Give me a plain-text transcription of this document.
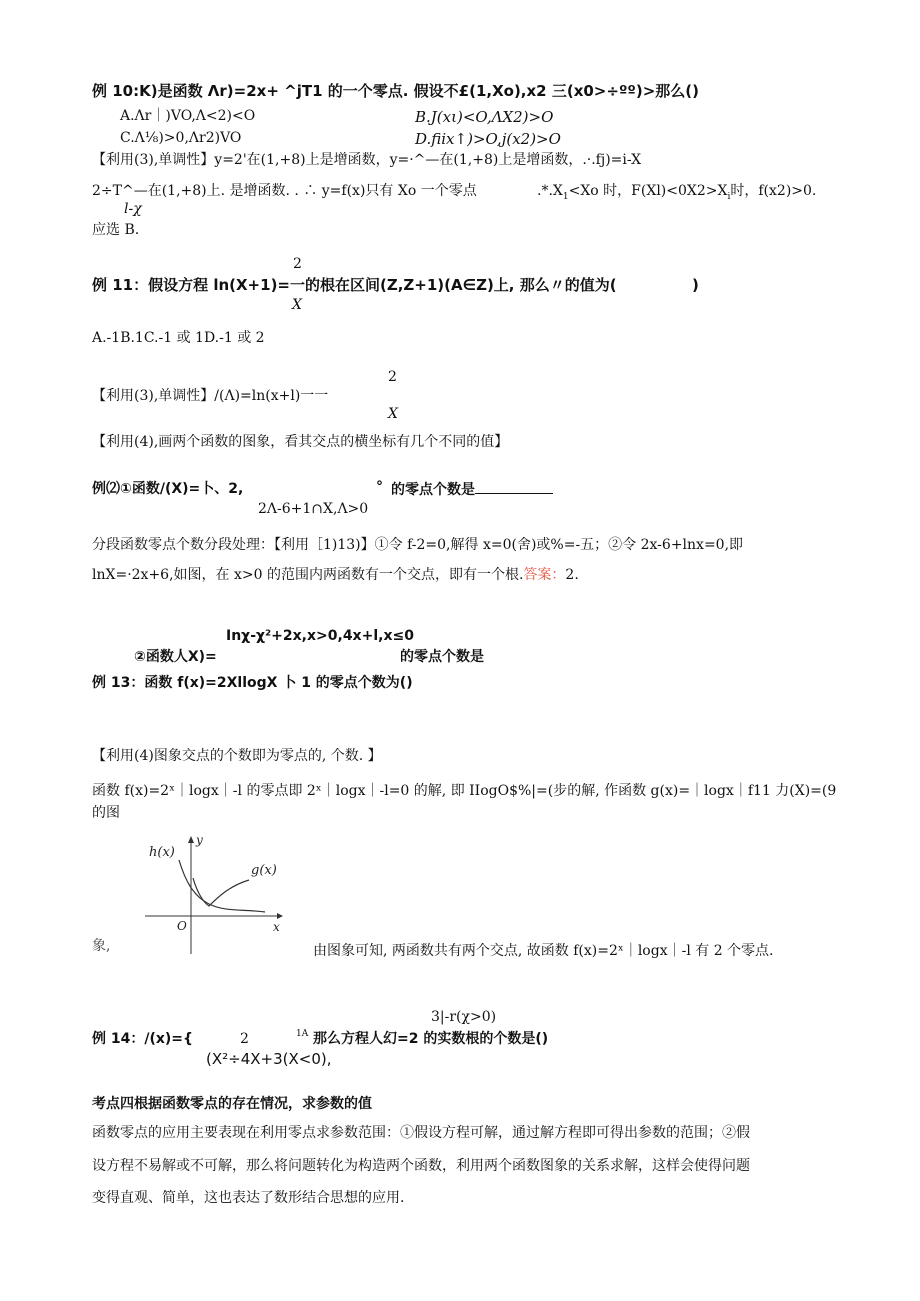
例 10:K)是函数 Λr)=2x+ ^jT1 的一个零点. 假设不£(1,Xo),x2 三(x0>÷ºº)>那么()
A.Λr｜)VO,Λ<2)<O	B.J(xι)<O,ΛX2)>O
C.Λ⅛)>0,Λr2)VO	D.fiix↑)>O,j(x2)>O
【利用(3),单调性】y=2'在(1,+8)上是增函数，y=·^—在(1,+8)上是增函数，.·.fj)=i-X
2÷T^—在(1,+8)上. 是增函数. . ∴ y=f(x)只有 Xo 一个零点	$.*.X_1<Xo$ 时，$F(Xl)<0X2>X_i$时，f(x2)>0.
l-χ
应选 B.
2
例 11：假设方程 ln(X+1)=一的根在区间(Z,Z+1)(A∈Z)上, 那么〃的值为(	)
X
A.-1B.1C.-1 或 1D.-1 或 2
2
【利用(3),单调性】/(Λ)=ln(x+l)一一
X
【利用(4),画两个函数的图象，看其交点的横坐标有几个不同的值】
例⑵①函数/(X)=卜、2,	° 的零点个数是
2Λ-6+1∩X,Λ>0
分段函数零点个数分段处理：【利用［1)13)】①令 f-2=0,解得 x=0(舍)或%=-五；②令 2x-6+lnx=0,即
lnX=·2x+6,如图，在 x>0 的范围内两函数有一个交点，即有一个根.答案：2.
Inχ-χ²+2x,x>0,4x+l,x≤0
②函数人X)=	的零点个数是
例 13：函数 f(x)=2XllogX 卜 1 的零点个数为()
【利用(4)图象交点的个数即为零点的, 个数. 】
函数 f(x)=2ˣ｜logx｜-l 的零点即 2ˣ｜logx｜-l=0 的解, 即 IIogO$%|=(步的解, 作函数 g(x)=｜logx｜f11 力(X)=(9
的图
h(x)
g(x)
y
x
O
象,	由图象可知, 两函数共有两个交点, 故函数 f(x)=2ˣ｜logx｜-l 有 2 个零点.
3|-r(χ>0)
例 14：/(x)={	2	1A 那么方程人幻=2 的实数根的个数是()
(X²÷4X+3(X<0),
考点四根据函数零点的存在情况，求参数的值
函数零点的应用主要表现在利用零点求参数范围：①假设方程可解，通过解方程即可得出参数的范围；②假
设方程不易解或不可解，那么将问题转化为构造两个函数，利用两个函数图象的关系求解，这样会使得问题
变得直观、简单，这也表达了数形结合思想的应用.
